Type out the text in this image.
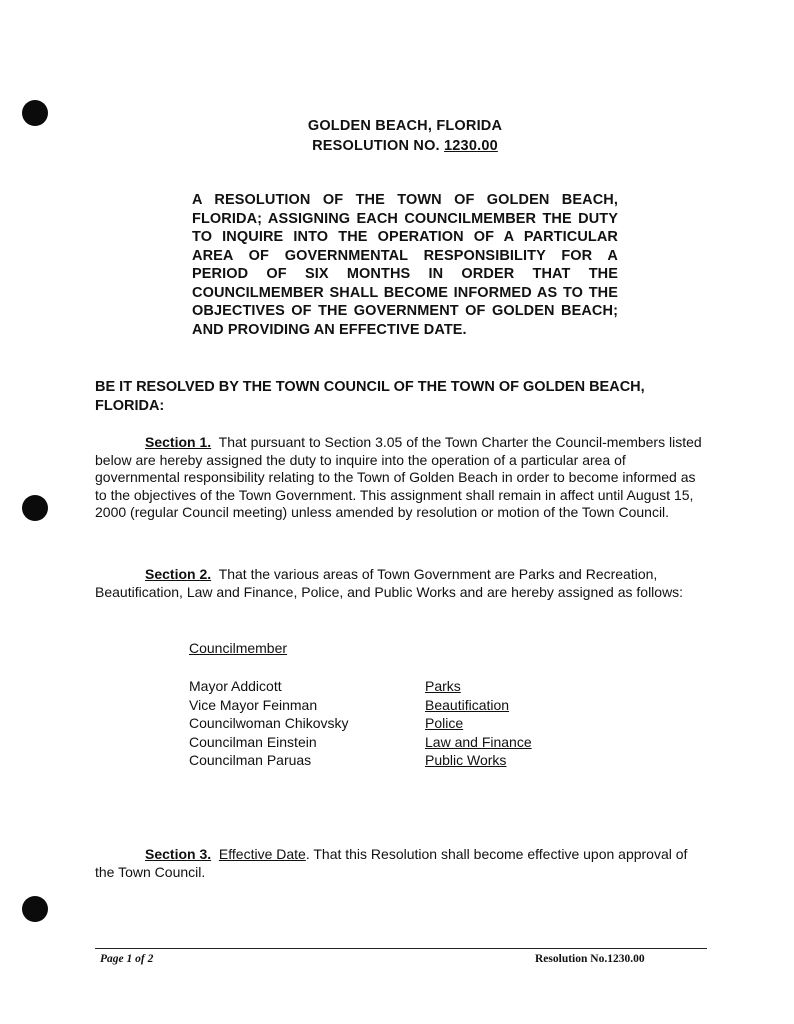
GOLDEN BEACH, FLORIDA
RESOLUTION NO. 1230.00
A RESOLUTION OF THE TOWN OF GOLDEN BEACH, FLORIDA; ASSIGNING EACH COUNCILMEMBER THE DUTY TO INQUIRE INTO THE OPERATION OF A PARTICULAR AREA OF GOVERNMENTAL RESPONSIBILITY FOR A PERIOD OF SIX MONTHS IN ORDER THAT THE COUNCILMEMBER SHALL BECOME INFORMED AS TO THE OBJECTIVES OF THE GOVERNMENT OF GOLDEN BEACH; AND PROVIDING AN EFFECTIVE DATE.
BE IT RESOLVED BY THE TOWN COUNCIL OF THE TOWN OF GOLDEN BEACH, FLORIDA:
Section 1. That pursuant to Section 3.05 of the Town Charter the Council-members listed below are hereby assigned the duty to inquire into the operation of a particular area of governmental responsibility relating to the Town of Golden Beach in order to become informed as to the objectives of the Town Government. This assignment shall remain in affect until August 15, 2000 (regular Council meeting) unless amended by resolution or motion of the Town Council.
Section 2. That the various areas of Town Government are Parks and Recreation, Beautification, Law and Finance, Police, and Public Works and are hereby assigned as follows:
Councilmember
Mayor Addicott	Parks
Vice Mayor Feinman	Beautification
Councilwoman Chikovsky	Police
Councilman Einstein	Law and Finance
Councilman Paruas	Public Works
Section 3. Effective Date. That this Resolution shall become effective upon approval of the Town Council.
Page 1 of 2	Resolution No.1230.00
